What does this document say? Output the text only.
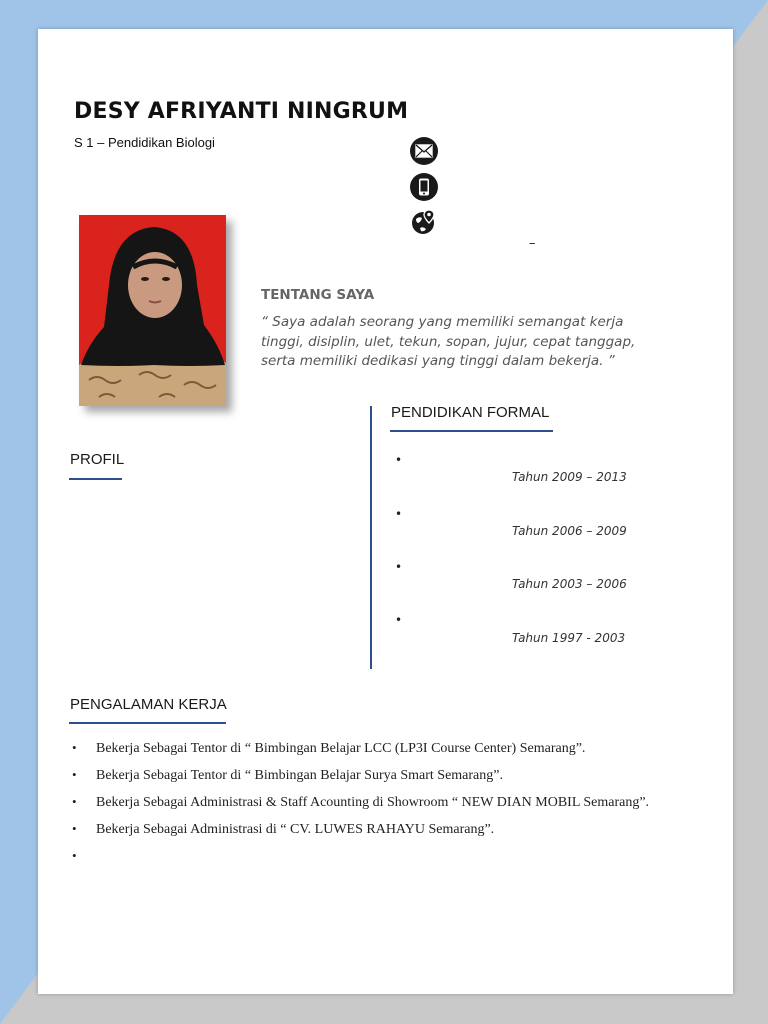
DESY AFRIYANTI NINGRUM
S 1 – Pendidikan Biologi
–
TENTANG SAYA
“ Saya adalah seorang yang memiliki semangat kerja tinggi, disiplin, ulet, tekun, sopan, jujur, cepat tanggap, serta memiliki dedikasi yang tinggi dalam bekerja. ”
PROFIL
PENDIDIKAN FORMAL
•
Tahun 2009 – 2013
•
Tahun 2006 – 2009
•
Tahun 2003 – 2006
•
Tahun 1997 - 2003
PENGALAMAN KERJA
• Bekerja Sebagai Tentor di “ Bimbingan Belajar LCC (LP3I Course Center) Semarang”.
• Bekerja Sebagai Tentor di “ Bimbingan Belajar Surya Smart Semarang”.
• Bekerja Sebagai Administrasi & Staff Acounting di Showroom “ NEW DIAN MOBIL Semarang”.
• Bekerja Sebagai Administrasi di “ CV. LUWES RAHAYU Semarang”.
•
